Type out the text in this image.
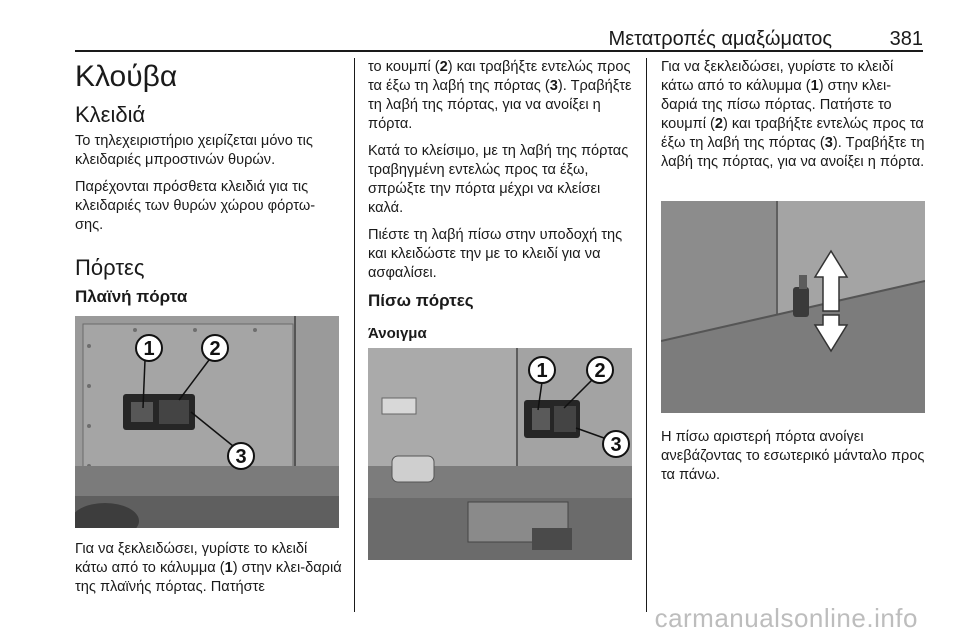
Μετατροπές αμαξώματος	381
Κλούβα
Κλειδιά

Το τηλεχειριστήριο χειρίζεται μόνο τις κλειδαριές μπροστινών θυρών.

Παρέχονται πρόσθετα κλειδιά για τις κλειδαριές των θυρών χώρου φόρτω-σης.

Πόρτες
Πλαϊνή πόρτα
1	2
3

Για να ξεκλειδώσει, γυρίστε το κλειδί κάτω από το κάλυμμα (1) στην κλει-δαριά της πλαϊνής πόρτας. Πατήστε

το κουμπί (2) και τραβήξτε εντελώς προς τα έξω τη λαβή της πόρτας (3). Τραβήξτε τη λαβή της πόρτας, για να ανοίξει η πόρτα.

Κατά το κλείσιμο, με τη λαβή της πόρτας τραβηγμένη εντελώς προς τα έξω, σπρώξτε την πόρτα μέχρι να κλείσει καλά.

Πιέστε τη λαβή πίσω στην υποδοχή της και κλειδώστε την με το κλειδί για να ασφαλίσει.

Πίσω πόρτες
Άνοιγμα
1 2
3

Για να ξεκλειδώσει, γυρίστε το κλειδί κάτω από το κάλυμμα (1) στην κλει-δαριά της πίσω πόρτας. Πατήστε το κουμπί (2) και τραβήξτε εντελώς προς τα έξω τη λαβή της πόρτας (3). Τραβήξτε τη λαβή της πόρτας, για να ανοίξει η πόρτα.

Η πίσω αριστερή πόρτα ανοίγει ανεβάζοντας το εσωτερικό μάνταλο προς τα πάνω.

carmanualsonline.info
